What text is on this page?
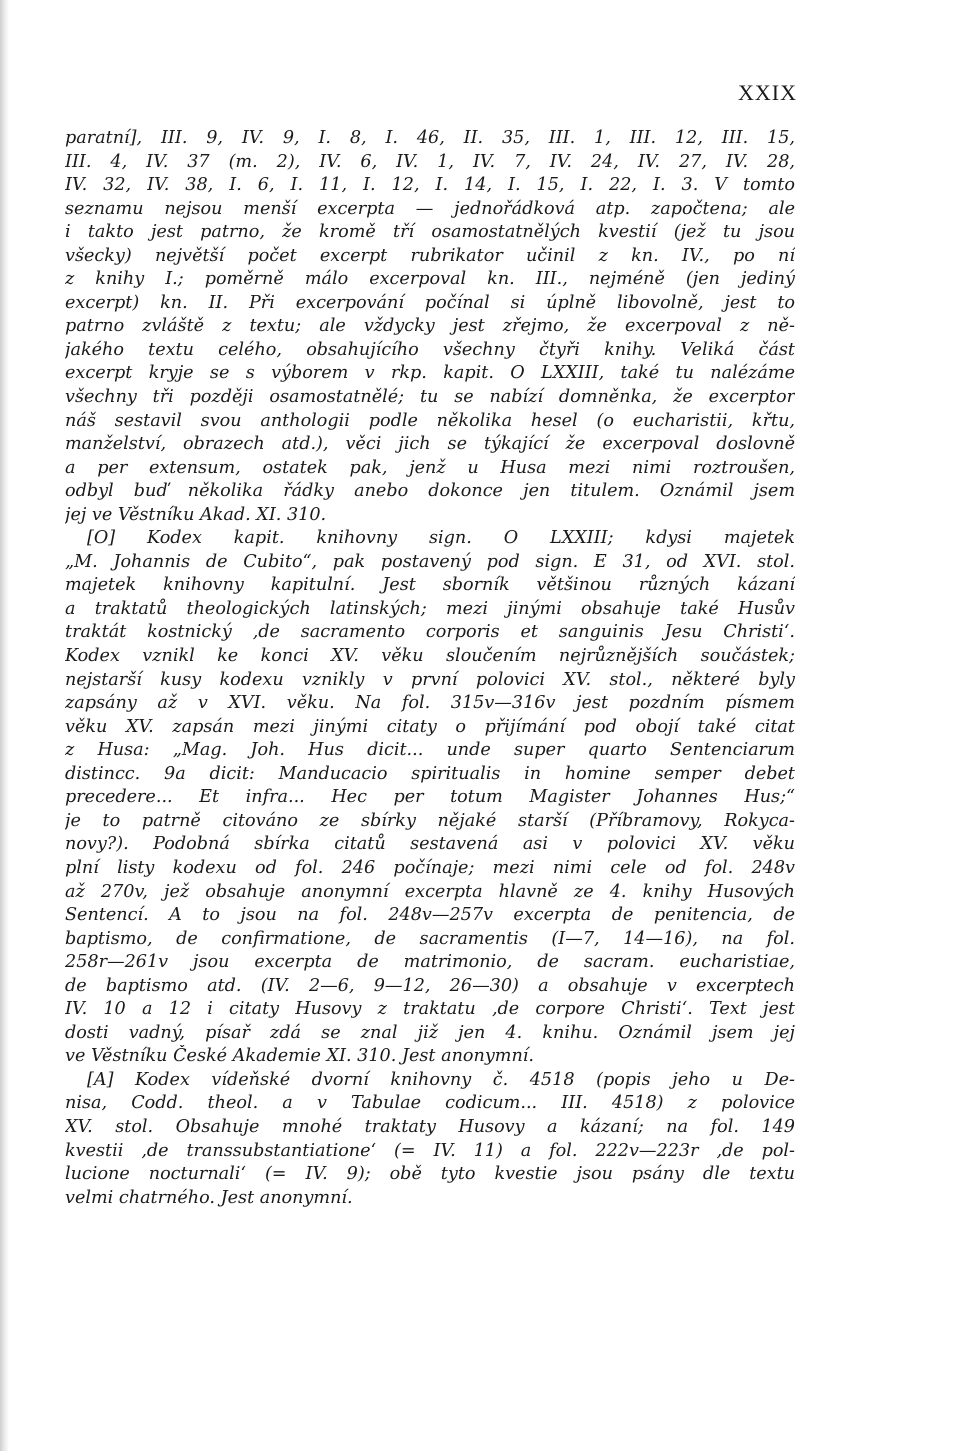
XXIX
paratní], III. 9, IV. 9, I. 8, I. 46, II. 35, III. 1, III. 12, III. 15,
III. 4, IV. 37 (m. 2), IV. 6, IV. 1, IV. 7, IV. 24, IV. 27, IV. 28,
IV. 32, IV. 38, I. 6, I. 11, I. 12, I. 14, I. 15, I. 22, I. 3. V tomto
seznamu nejsou menší excerpta — jednořádková atp. započtena; ale
i takto jest patrno, že kromě tří osamostatnělých kvestií (jež tu jsou
všecky) největší počet excerpt rubrikator učinil z kn. IV., po ní
z knihy I.; poměrně málo excerpoval kn. III., nejméně (jen jediný
excerpt) kn. II. Při excerpování počínal si úplně libovolně, jest to
patrno zvláště z textu; ale vždycky jest zřejmo, že excerpoval z ně-
jakého textu celého, obsahujícího všechny čtyři knihy. Veliká část
excerpt kryje se s výborem v rkp. kapit. O LXXIII, také tu nalézáme
všechny tři později osamostatnělé; tu se nabízí domněnka, že excerptor
náš sestavil svou anthologii podle několika hesel (o eucharistii, křtu,
manželství, obrazech atd.), věci jich se týkající že excerpoval doslovně
a per extensum, ostatek pak, jenž u Husa mezi nimi roztroušen,
odbyl buď několika řádky anebo dokonce jen titulem. Oznámil jsem
jej ve Věstníku Akad. XI. 310.
[O] Kodex kapit. knihovny sign. O LXXIII; kdysi majetek
„M. Johannis de Cubito“, pak postavený pod sign. E 31, od XVI. stol.
majetek knihovny kapitulní. Jest sborník většinou různých kázaní
a traktatů theologických latinských; mezi jinými obsahuje také Husův
traktát kostnický ‚de sacramento corporis et sanguinis Jesu Christi‘.
Kodex vznikl ke konci XV. věku sloučením nejrůznějších součástek;
nejstarší kusy kodexu vznikly v první polovici XV. stol., některé byly
zapsány až v XVI. věku. Na fol. 315v—316v jest pozdním písmem
věku XV. zapsán mezi jinými citaty o přijímání pod obojí také citat
z Husa: „Mag. Joh. Hus dicit... unde super quarto Sentenciarum
distincc. 9a dicit: Manducacio spiritualis in homine semper debet
precedere... Et infra... Hec per totum Magister Johannes Hus;“
je to patrně citováno ze sbírky nějaké starší (Příbramovy, Rokyca-
novy?). Podobná sbírka citatů sestavená asi v polovici XV. věku
plní listy kodexu od fol. 246 počínaje; mezi nimi cele od fol. 248v
až 270v, jež obsahuje anonymní excerpta hlavně ze 4. knihy Husových
Sentencí. A to jsou na fol. 248v—257v excerpta de penitencia, de
baptismo, de confirmatione, de sacramentis (I—7, 14—16), na fol.
258r—261v jsou excerpta de matrimonio, de sacram. eucharistiae,
de baptismo atd. (IV. 2—6, 9—12, 26—30) a obsahuje v excerptech
IV. 10 a 12 i citaty Husovy z traktatu ‚de corpore Christi‘. Text jest
dosti vadný, písař zdá se znal již jen 4. knihu. Oznámil jsem jej
ve Věstníku České Akademie XI. 310. Jest anonymní.
[A] Kodex vídeňské dvorní knihovny č. 4518 (popis jeho u De-
nisa, Codd. theol. a v Tabulae codicum... III. 4518) z polovice
XV. stol. Obsahuje mnohé traktaty Husovy a kázaní; na fol. 149
kvestii ‚de transsubstantiatione‘ (= IV. 11) a fol. 222v—223r ‚de pol-
lucione nocturnali‘ (= IV. 9); obě tyto kvestie jsou psány dle textu
velmi chatrného. Jest anonymní.
